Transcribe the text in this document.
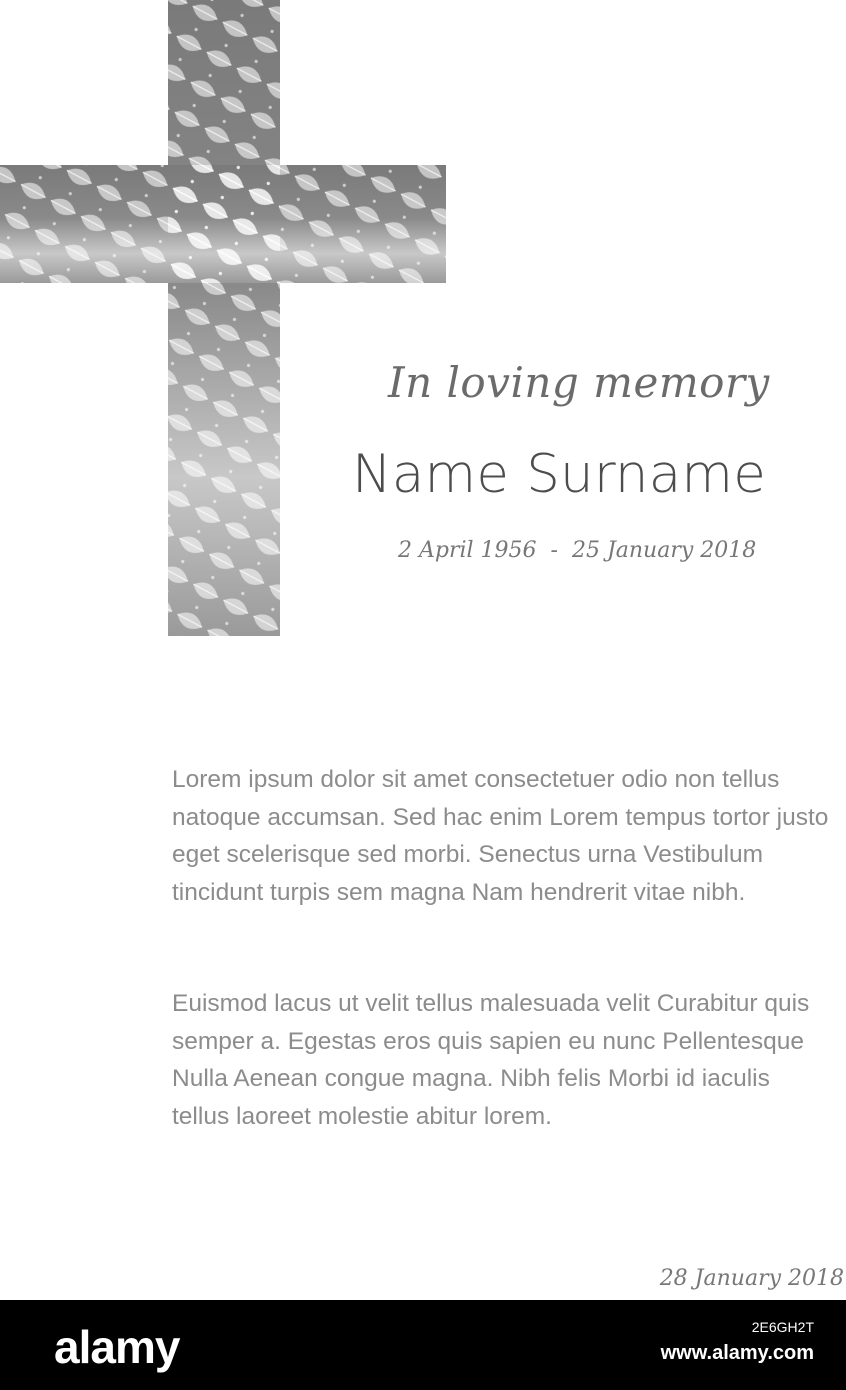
In loving memory
Name Surname
2 April 1956 - 25 January 2018

Lorem ipsum dolor sit amet consectetuer odio non tellus natoque accumsan. Sed hac enim Lorem tempus tortor justo eget scelerisque sed morbi. Senectus urna Vestibulum tincidunt turpis sem magna Nam hendrerit vitae nibh.

Euismod lacus ut velit tellus malesuada velit Curabitur quis semper a. Egestas eros quis sapien eu nunc Pellentesque Nulla Aenean congue magna. Nibh felis Morbi id iaculis tellus laoreet molestie abitur lorem.

28 January 2018
alamy	2E6GH2T
www.alamy.com
